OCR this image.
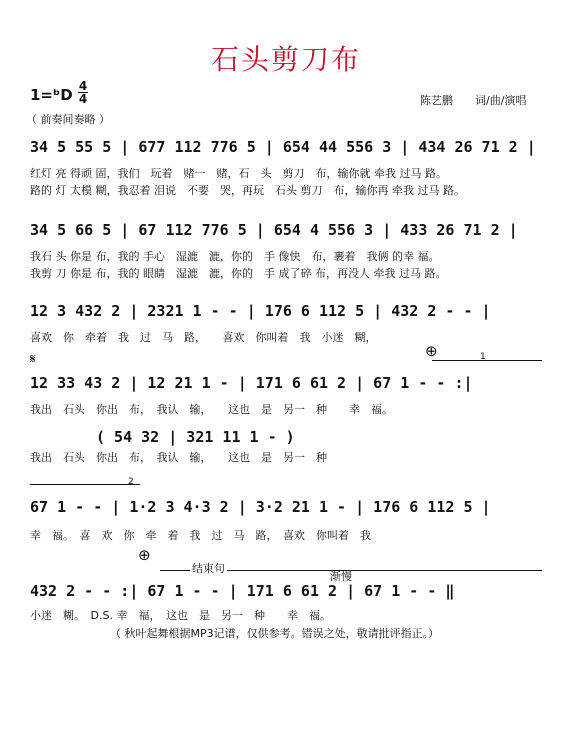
石头剪刀布
1=ᵇD 4
4	陈艺鹏　　词/曲/演唱
（ 前奏间奏略 ）
34 5 55 5 | 677 112 776 5 | 654 44 556 3 | 434 26 71 2 |
红灯 亮 得顽 固，我们　玩着　赌一　赌，石　头　剪刀　布，输你就 牵我 过马 路。
路的 灯 太模 糊，我忍着 泪说　不要　哭，再玩　石头 剪刀　布，输你再 牵我 过马 路。
34 5 66 5 | 67 112 776 5 | 654 4 556 3 | 433 26 71 2 |
我石 头 你是 布，我的 手心　湿漉　漉，你的　手 像快　布，裹着　我俩 的幸 福。
我剪 刀 你是 布，我的 眼睛　湿漉　漉，你的　手 成了碎 布，再没人 牵我 过马 路。
12 3 432 2 | 2321 1 - - | 176 6 112 5 | 432 2 - - |
喜欢　你　牵着　我　过　马　路，　　喜欢　你叫着　我　小迷　糊，
𝄋	⊕	1
12 33 43 2 | 12 21 1 - | 171 6 61 2 | 67 1 - - :|
我出　石头　你出　布，　我认　输，　　这也　是　另一　种　　幸　福。
( 54 32 | 321 11 1 - )
我出　石头　你出　布，　我认　输，　　这也　是　另一　种
2
67 1 - - | 1·2 3 4·3 2 | 3·2 21 1 - | 176 6 112 5 |
幸　福。　喜　欢　你　牵　着　我　过　马　路，　喜欢　你叫着　我
⊕
结束句
渐慢
432 2 - - :| 67 1 - - | 171 6 61 2 | 67 1 - - ‖
小迷　糊。　D.S. 幸　福，　这也　是　另一　种　　幸　福。
（ 秋叶起舞根据MP3记谱，仅供参考。错误之处，敬请批评指正。）
